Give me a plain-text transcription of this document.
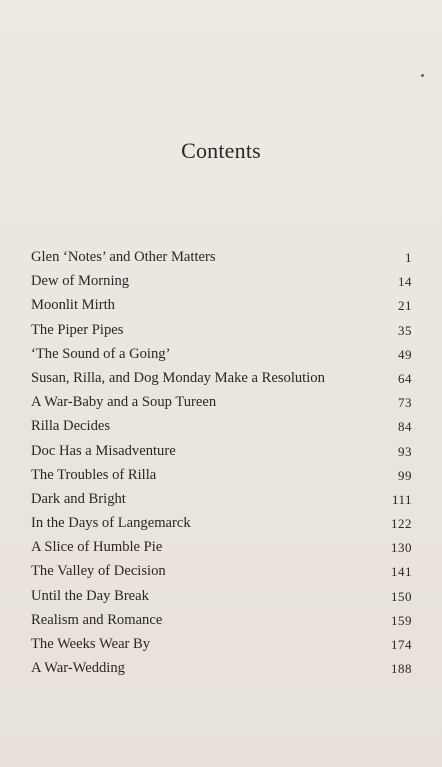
Contents
Glen ‘Notes’ and Other Matters	1
Dew of Morning	14
Moonlit Mirth	21
The Piper Pipes	35
‘The Sound of a Going’	49
Susan, Rilla, and Dog Monday Make a Resolution	64
A War-Baby and a Soup Tureen	73
Rilla Decides	84
Doc Has a Misadventure	93
The Troubles of Rilla	99
Dark and Bright	111
In the Days of Langemarck	122
A Slice of Humble Pie	130
The Valley of Decision	141
Until the Day Break	150
Realism and Romance	159
The Weeks Wear By	174
A War-Wedding	188
